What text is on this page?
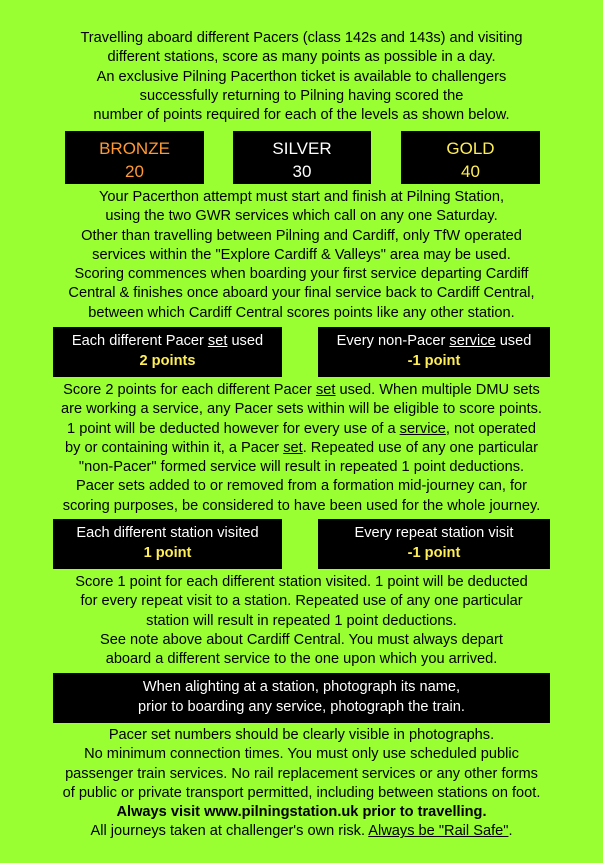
Travelling aboard different Pacers (class 142s and 143s) and visiting
different stations, score as many points as possible in a day.
An exclusive Pilning Pacerthon ticket is available to challengers
successfully returning to Pilning having scored the
number of points required for each of the levels as shown below.
BRONZE
20
SILVER
30
GOLD
40
Your Pacerthon attempt must start and finish at Pilning Station,
using the two GWR services which call on any one Saturday.
Other than travelling between Pilning and Cardiff, only TfW operated
services within the "Explore Cardiff & Valleys" area may be used.
Scoring commences when boarding your first service departing Cardiff
Central & finishes once aboard your final service back to Cardiff Central,
between which Cardiff Central scores points like any other station.
Each different Pacer set used
2 points
Every non-Pacer service used
-1 point
Score 2 points for each different Pacer set used. When multiple DMU sets
are working a service, any Pacer sets within will be eligible to score points.
1 point will be deducted however for every use of a service, not operated
by or containing within it, a Pacer set. Repeated use of any one particular
"non-Pacer" formed service will result in repeated 1 point deductions.
Pacer sets added to or removed from a formation mid-journey can, for
scoring purposes, be considered to have been used for the whole journey.
Each different station visited
1 point
Every repeat station visit
-1 point
Score 1 point for each different station visited. 1 point will be deducted
for every repeat visit to a station. Repeated use of any one particular
station will result in repeated 1 point deductions.
See note above about Cardiff Central. You must always depart
aboard a different service to the one upon which you arrived.
When alighting at a station, photograph its name,
prior to boarding any service, photograph the train.
Pacer set numbers should be clearly visible in photographs.
No minimum connection times. You must only use scheduled public
passenger train services. No rail replacement services or any other forms
of public or private transport permitted, including between stations on foot.
Always visit www.pilningstation.uk prior to travelling.
All journeys taken at challenger's own risk. Always be "Rail Safe".
